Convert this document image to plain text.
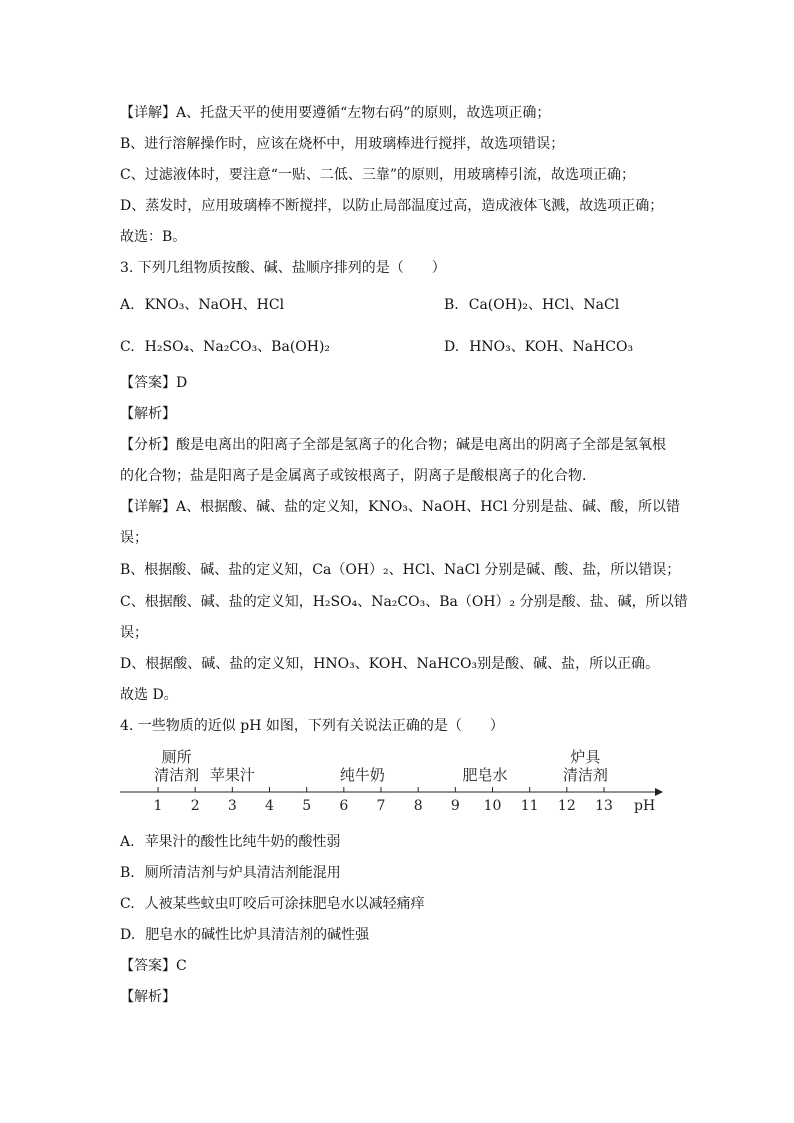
【详解】A、托盘天平的使用要遵循“左物右码”的原则，故选项正确；
B、进行溶解操作时，应该在烧杯中，用玻璃棒进行搅拌，故选项错误；
C、过滤液体时，要注意“一贴、二低、三靠”的原则，用玻璃棒引流，故选项正确；
D、蒸发时，应用玻璃棒不断搅拌，以防止局部温度过高，造成液体飞溅，故选项正确；
故选：B。
3. 下列几组物质按酸、碱、盐顺序排列的是（　　）
A. KNO₃、NaOH、HCl	B. Ca(OH)₂、HCl、NaCl
C. H₂SO₄、Na₂CO₃、Ba(OH)₂	D. HNO₃、KOH、NaHCO₃
【答案】D
【解析】
【分析】酸是电离出的阳离子全部是氢离子的化合物；碱是电离出的阴离子全部是氢氧根
的化合物；盐是阳离子是金属离子或铵根离子，阴离子是酸根离子的化合物.
【详解】A、根据酸、碱、盐的定义知，KNO₃、NaOH、HCl 分别是盐、碱、酸，所以错
误；
B、根据酸、碱、盐的定义知，Ca（OH）₂、HCl、NaCl 分别是碱、酸、盐，所以错误；
C、根据酸、碱、盐的定义知，H₂SO₄、Na₂CO₃、Ba（OH）₂ 分别是酸、盐、碱，所以错
误；
D、根据酸、碱、盐的定义知，HNO₃、KOH、NaHCO₃别是酸、碱、盐，所以正确。
故选 D。
4. 一些物质的近似 pH 如图，下列有关说法正确的是（　　）
厕所
清洁剂 苹果汁	纯牛奶	肥皂水
炉具
清洁剂
1 2 3 4 5 6 7 8 9 10 11 12 13 pH
A. 苹果汁的酸性比纯牛奶的酸性弱
B. 厕所清洁剂与炉具清洁剂能混用
C. 人被某些蚊虫叮咬后可涂抹肥皂水以减轻痛痒
D. 肥皂水的碱性比炉具清洁剂的碱性强
【答案】C
【解析】
